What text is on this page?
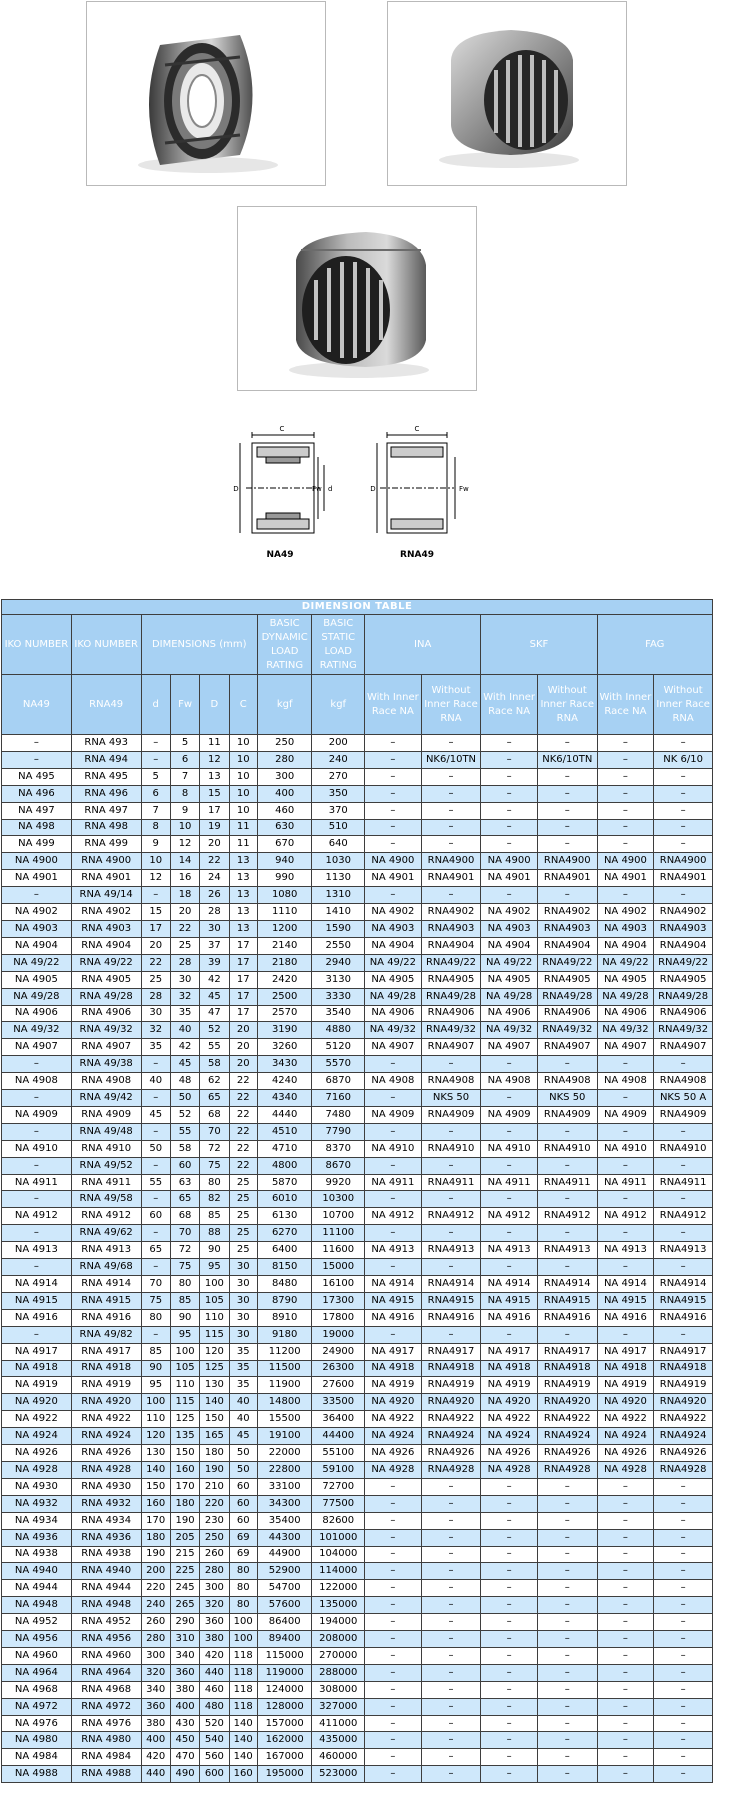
C
D	d
Fw
C
D	Fw
NA49	RNA49
DIMENSION TABLE													
IKO NUMBER	IKO NUMBER	DIMENSIONS (mm)				BASIC DYNAMIC LOAD RATING	BASIC STATIC LOAD RATING	INA		SKF		FAG	
NA49	RNA49	d	Fw	D	C	kgf	kgf	With Inner Race NA	Without Inner Race RNA	With Inner Race NA	Without Inner Race RNA	With Inner Race NA	Without Inner Race RNA
–	RNA 493	–	5	11	10	250	200	–	–	–	–	–	–
–	RNA 494	–	6	12	10	280	240	–	NK6/10TN	–	NK6/10TN	–	NK 6/10
NA 495	RNA 495	5	7	13	10	300	270	–	–	–	–	–	–
NA 496	RNA 496	6	8	15	10	400	350	–	–	–	–	–	–
NA 497	RNA 497	7	9	17	10	460	370	–	–	–	–	–	–
NA 498	RNA 498	8	10	19	11	630	510	–	–	–	–	–	–
NA 499	RNA 499	9	12	20	11	670	640	–	–	–	–	–	–
NA 4900	RNA 4900	10	14	22	13	940	1030	NA 4900	RNA4900	NA 4900	RNA4900	NA 4900	RNA4900
NA 4901	RNA 4901	12	16	24	13	990	1130	NA 4901	RNA4901	NA 4901	RNA4901	NA 4901	RNA4901
–	RNA 49/14	–	18	26	13	1080	1310	–	–	–	–	–	–
NA 4902	RNA 4902	15	20	28	13	1110	1410	NA 4902	RNA4902	NA 4902	RNA4902	NA 4902	RNA4902
NA 4903	RNA 4903	17	22	30	13	1200	1590	NA 4903	RNA4903	NA 4903	RNA4903	NA 4903	RNA4903
NA 4904	RNA 4904	20	25	37	17	2140	2550	NA 4904	RNA4904	NA 4904	RNA4904	NA 4904	RNA4904
NA 49/22	RNA 49/22	22	28	39	17	2180	2940	NA 49/22	RNA49/22	NA 49/22	RNA49/22	NA 49/22	RNA49/22
NA 4905	RNA 4905	25	30	42	17	2420	3130	NA 4905	RNA4905	NA 4905	RNA4905	NA 4905	RNA4905
NA 49/28	RNA 49/28	28	32	45	17	2500	3330	NA 49/28	RNA49/28	NA 49/28	RNA49/28	NA 49/28	RNA49/28
NA 4906	RNA 4906	30	35	47	17	2570	3540	NA 4906	RNA4906	NA 4906	RNA4906	NA 4906	RNA4906
NA 49/32	RNA 49/32	32	40	52	20	3190	4880	NA 49/32	RNA49/32	NA 49/32	RNA49/32	NA 49/32	RNA49/32
NA 4907	RNA 4907	35	42	55	20	3260	5120	NA 4907	RNA4907	NA 4907	RNA4907	NA 4907	RNA4907
–	RNA 49/38	–	45	58	20	3430	5570	–	–	–	–	–	–
NA 4908	RNA 4908	40	48	62	22	4240	6870	NA 4908	RNA4908	NA 4908	RNA4908	NA 4908	RNA4908
–	RNA 49/42	–	50	65	22	4340	7160	–	NKS 50	–	NKS 50	–	NKS 50 A
NA 4909	RNA 4909	45	52	68	22	4440	7480	NA 4909	RNA4909	NA 4909	RNA4909	NA 4909	RNA4909
–	RNA 49/48	–	55	70	22	4510	7790	–	–	–	–	–	–
NA 4910	RNA 4910	50	58	72	22	4710	8370	NA 4910	RNA4910	NA 4910	RNA4910	NA 4910	RNA4910
–	RNA 49/52	–	60	75	22	4800	8670	–	–	–	–	–	–
NA 4911	RNA 4911	55	63	80	25	5870	9920	NA 4911	RNA4911	NA 4911	RNA4911	NA 4911	RNA4911
–	RNA 49/58	–	65	82	25	6010	10300	–	–	–	–	–	–
NA 4912	RNA 4912	60	68	85	25	6130	10700	NA 4912	RNA4912	NA 4912	RNA4912	NA 4912	RNA4912
–	RNA 49/62	–	70	88	25	6270	11100	–	–	–	–	–	–
NA 4913	RNA 4913	65	72	90	25	6400	11600	NA 4913	RNA4913	NA 4913	RNA4913	NA 4913	RNA4913
–	RNA 49/68	–	75	95	30	8150	15000	–	–	–	–	–	–
NA 4914	RNA 4914	70	80	100	30	8480	16100	NA 4914	RNA4914	NA 4914	RNA4914	NA 4914	RNA4914
NA 4915	RNA 4915	75	85	105	30	8790	17300	NA 4915	RNA4915	NA 4915	RNA4915	NA 4915	RNA4915
NA 4916	RNA 4916	80	90	110	30	8910	17800	NA 4916	RNA4916	NA 4916	RNA4916	NA 4916	RNA4916
–	RNA 49/82	–	95	115	30	9180	19000	–	–	–	–	–	–
NA 4917	RNA 4917	85	100	120	35	11200	24900	NA 4917	RNA4917	NA 4917	RNA4917	NA 4917	RNA4917
NA 4918	RNA 4918	90	105	125	35	11500	26300	NA 4918	RNA4918	NA 4918	RNA4918	NA 4918	RNA4918
NA 4919	RNA 4919	95	110	130	35	11900	27600	NA 4919	RNA4919	NA 4919	RNA4919	NA 4919	RNA4919
NA 4920	RNA 4920	100	115	140	40	14800	33500	NA 4920	RNA4920	NA 4920	RNA4920	NA 4920	RNA4920
NA 4922	RNA 4922	110	125	150	40	15500	36400	NA 4922	RNA4922	NA 4922	RNA4922	NA 4922	RNA4922
NA 4924	RNA 4924	120	135	165	45	19100	44400	NA 4924	RNA4924	NA 4924	RNA4924	NA 4924	RNA4924
NA 4926	RNA 4926	130	150	180	50	22000	55100	NA 4926	RNA4926	NA 4926	RNA4926	NA 4926	RNA4926
NA 4928	RNA 4928	140	160	190	50	22800	59100	NA 4928	RNA4928	NA 4928	RNA4928	NA 4928	RNA4928
NA 4930	RNA 4930	150	170	210	60	33100	72700	–	–	–	–	–	–
NA 4932	RNA 4932	160	180	220	60	34300	77500	–	–	–	–	–	–
NA 4934	RNA 4934	170	190	230	60	35400	82600	–	–	–	–	–	–
NA 4936	RNA 4936	180	205	250	69	44300	101000	–	–	–	–	–	–
NA 4938	RNA 4938	190	215	260	69	44900	104000	–	–	–	–	–	–
NA 4940	RNA 4940	200	225	280	80	52900	114000	–	–	–	–	–	–
NA 4944	RNA 4944	220	245	300	80	54700	122000	–	–	–	–	–	–
NA 4948	RNA 4948	240	265	320	80	57600	135000	–	–	–	–	–	–
NA 4952	RNA 4952	260	290	360	100	86400	194000	–	–	–	–	–	–
NA 4956	RNA 4956	280	310	380	100	89400	208000	–	–	–	–	–	–
NA 4960	RNA 4960	300	340	420	118	115000	270000	–	–	–	–	–	–
NA 4964	RNA 4964	320	360	440	118	119000	288000	–	–	–	–	–	–
NA 4968	RNA 4968	340	380	460	118	124000	308000	–	–	–	–	–	–
NA 4972	RNA 4972	360	400	480	118	128000	327000	–	–	–	–	–	–
NA 4976	RNA 4976	380	430	520	140	157000	411000	–	–	–	–	–	–
NA 4980	RNA 4980	400	450	540	140	162000	435000	–	–	–	–	–	–
NA 4984	RNA 4984	420	470	560	140	167000	460000	–	–	–	–	–	–
NA 4988	RNA 4988	440	490	600	160	195000	523000	–	–	–	–	–	–
